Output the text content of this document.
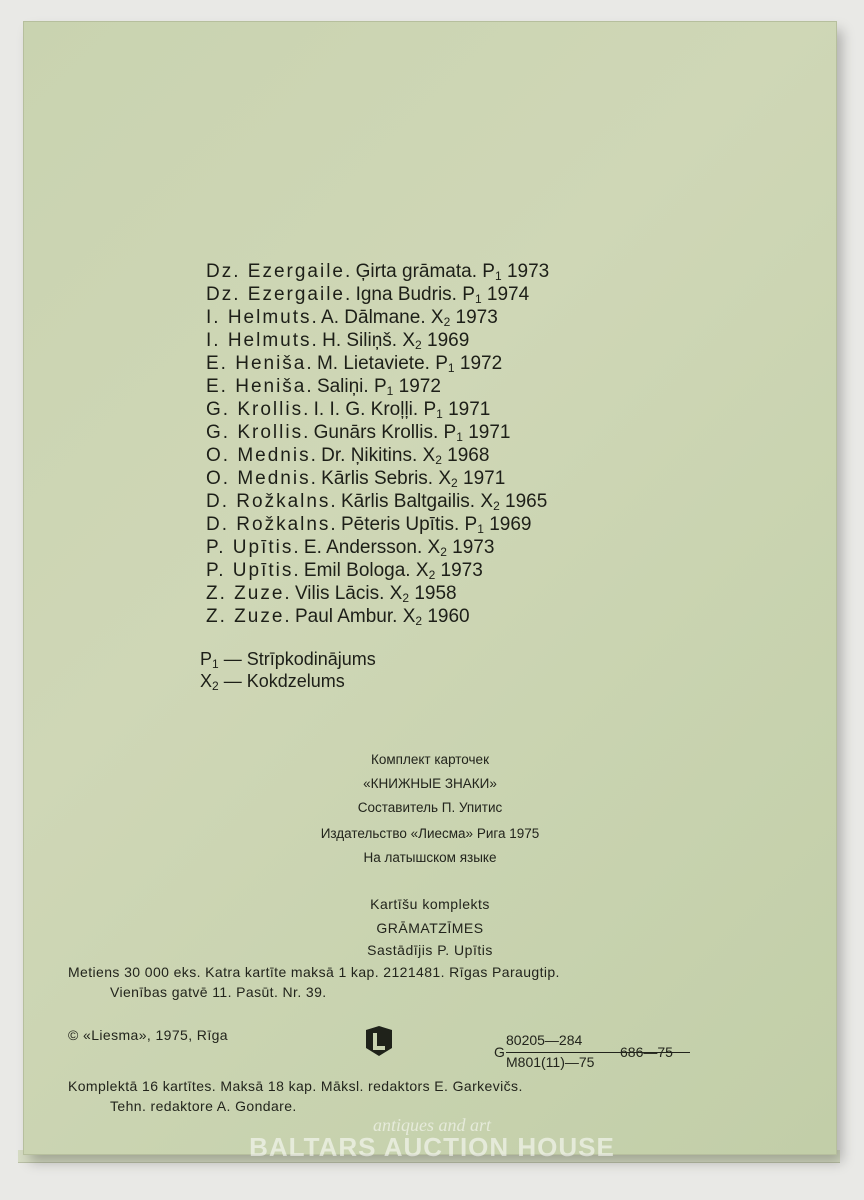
Dz. Ezergaile. Ģirta grāmata. $P_1$ 1973
Dz. Ezergaile. Igna Budris. $P_1$ 1974
I. Helmuts. A. Dālmane. $X_2$ 1973
I. Helmuts. H. Siliņš. $X_2$ 1969
E. Heniša. M. Lietaviete. $P_1$ 1972
E. Heniša. Saliņi. $P_1$ 1972
G. Krollis. I. I. G. Kroļļi. $P_1$ 1971
G. Krollis. Gunārs Krollis. $P_1$ 1971
O. Mednis. Dr. Ņikitins. $X_2$ 1968
O. Mednis. Kārlis Sebris. $X_2$ 1971
D. Rožkalns. Kārlis Baltgailis. $X_2$ 1965
D. Rožkalns. Pēteris Upītis. $P_1$ 1969
P. Upītis. E. Andersson. $X_2$ 1973
P. Upītis. Emil Bologa. $X_2$ 1973
Z. Zuze. Vilis Lācis. $X_2$ 1958
Z. Zuze. Paul Ambur. $X_2$ 1960
$P_1$ — Strīpkodinājums
$X_2$ — Kokdzelums
Комплект карточек
«КНИЖНЫЕ ЗНАКИ»
Составитель П. Упитис
Издательство «Лиесма» Рига 1975
На латышском языке
Kartīšu komplekts
GRĀMATZĪMES
Sastādījis P. Upītis
Metiens 30 000 eks. Katra kartīte maksā 1 kap. 2121481. Rīgas Paraugtip.
Vienības gatvē 11. Pasūt. Nr. 39.
© «Liesma», 1975, Rīga
G
80205—284
M801(11)—75
686—75
Komplektā 16 kartītes. Maksā 18 kap. Māksl. redaktors E. Garkevičs.
Tehn. redaktore A. Gondare.
antiques and art
BALTARS AUCTION HOUSE
